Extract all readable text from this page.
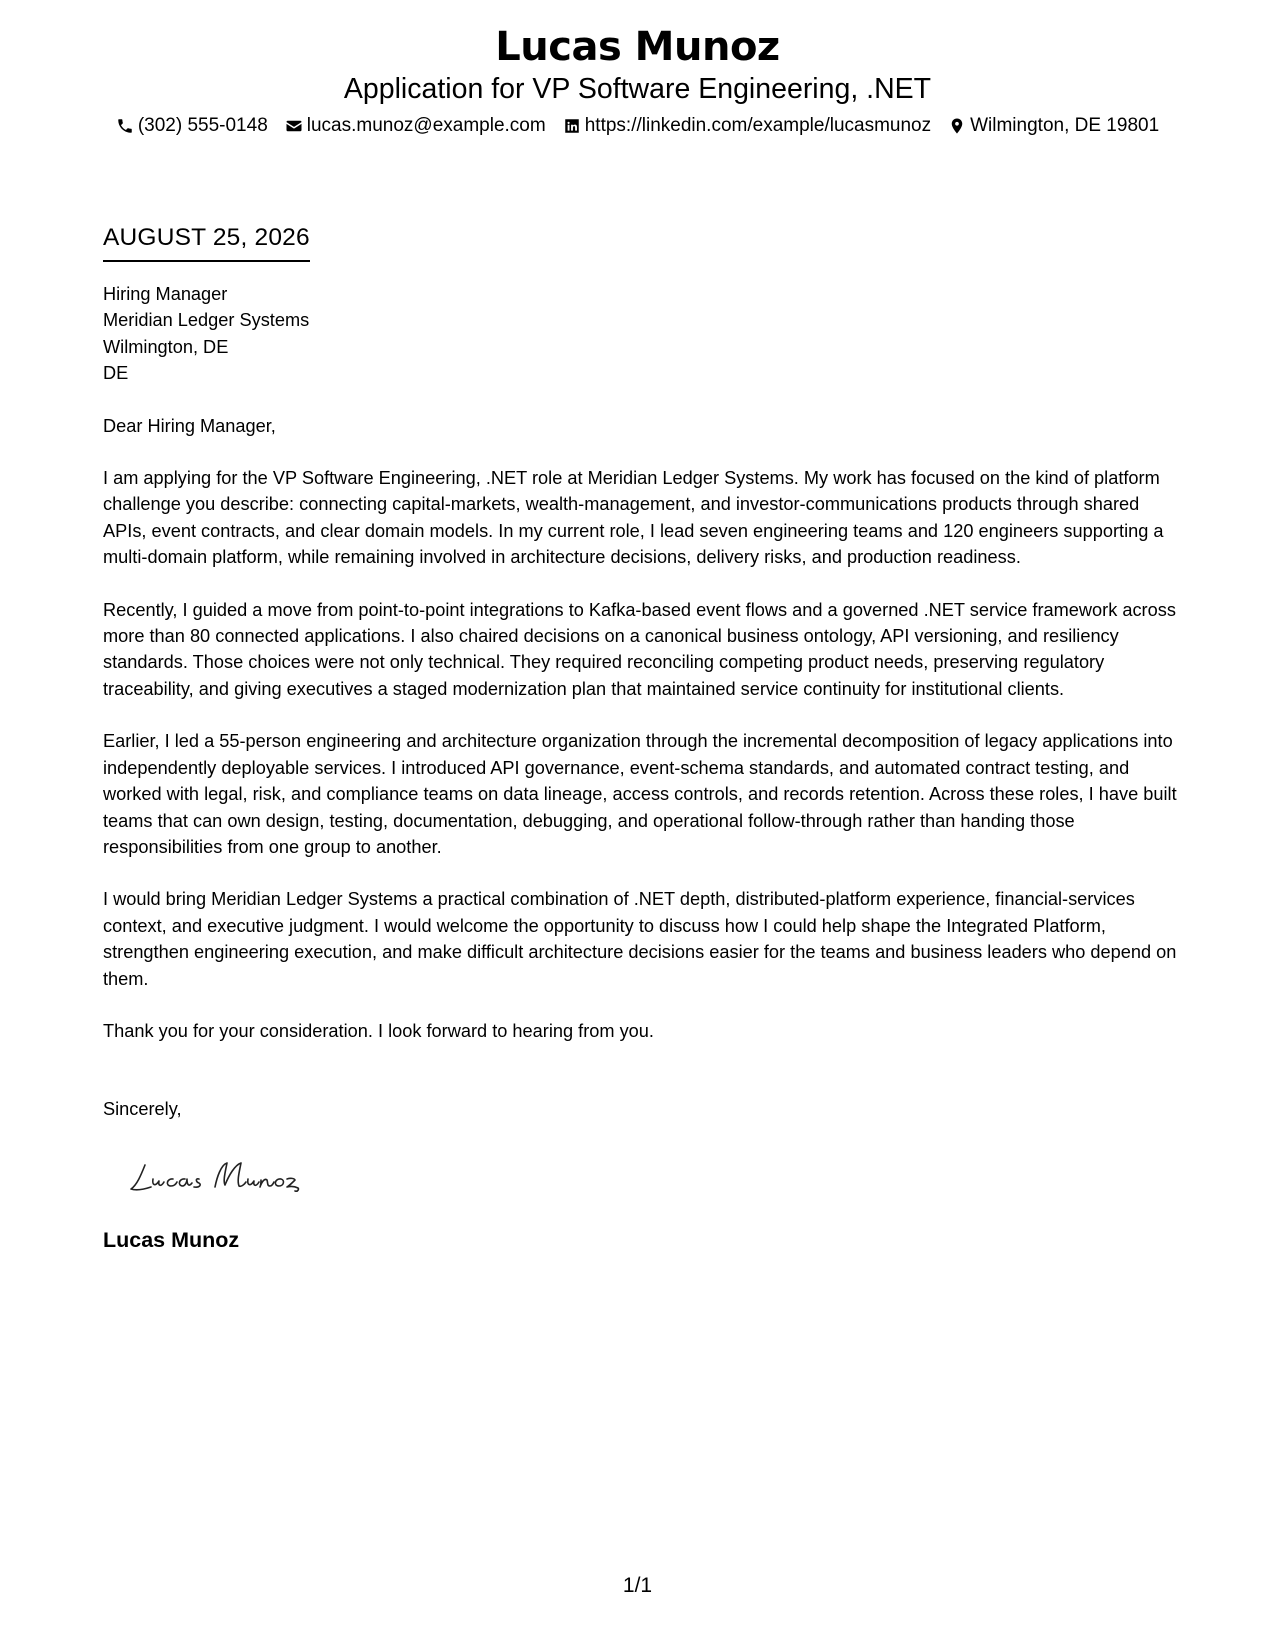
Lucas Munoz
Application for VP Software Engineering, .NET
(302) 555-0148 lucas.munoz@example.com https://linkedin.com/example/lucasmunoz Wilmington, DE 19801
AUGUST 25, 2026
Hiring Manager
Meridian Ledger Systems
Wilmington, DE
DE
Dear Hiring Manager,

I am applying for the VP Software Engineering, .NET role at Meridian Ledger Systems. My work has focused on the kind of platform challenge you describe: connecting capital-markets, wealth-management, and investor-communications products through shared APIs, event contracts, and clear domain models. In my current role, I lead seven engineering teams and 120 engineers supporting a multi-domain platform, while remaining involved in architecture decisions, delivery risks, and production readiness.

Recently, I guided a move from point-to-point integrations to Kafka-based event flows and a governed .NET service framework across more than 80 connected applications. I also chaired decisions on a canonical business ontology, API versioning, and resiliency standards. Those choices were not only technical. They required reconciling competing product needs, preserving regulatory traceability, and giving executives a staged modernization plan that maintained service continuity for institutional clients.

Earlier, I led a 55-person engineering and architecture organization through the incremental decomposition of legacy applications into independently deployable services. I introduced API governance, event-schema standards, and automated contract testing, and worked with legal, risk, and compliance teams on data lineage, access controls, and records retention. Across these roles, I have built teams that can own design, testing, documentation, debugging, and operational follow-through rather than handing those responsibilities from one group to another.

I would bring Meridian Ledger Systems a practical combination of .NET depth, distributed-platform experience, financial-services context, and executive judgment. I would welcome the opportunity to discuss how I could help shape the Integrated Platform, strengthen engineering execution, and make difficult architecture decisions easier for the teams and business leaders who depend on them.

Thank you for your consideration. I look forward to hearing from you.

Sincerely,
Lucas Munoz
Lucas Munoz
1/1
